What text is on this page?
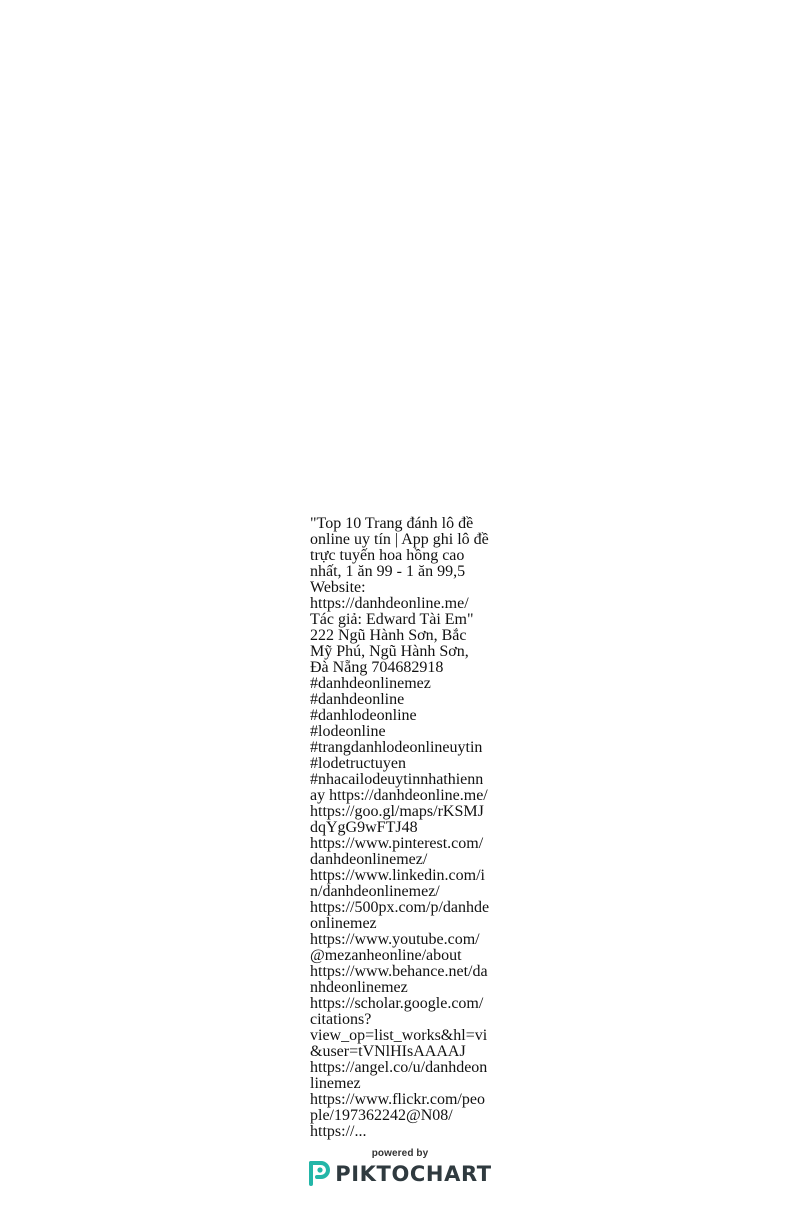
"Top 10 Trang đánh lô đề
online uy tín | App ghi lô đề
trực tuyến hoa hồng cao
nhất, 1 ăn 99 - 1 ăn 99,5
Website:
https://danhdeonline.me/
Tác giả: Edward Tài Em"
222 Ngũ Hành Sơn, Bắc
Mỹ Phú, Ngũ Hành Sơn,
Đà Nẵng 704682918
#danhdeonlinemez
#danhdeonline
#danhlodeonline
#lodeonline
#trangdanhlodeonlineuytin
#lodetructuyen
#nhacailodeuytinnhathienn
ay https://danhdeonline.me/
https://goo.gl/maps/rKSMJ
dqYgG9wFTJ48
https://www.pinterest.com/
danhdeonlinemez/
https://www.linkedin.com/i
n/danhdeonlinemez/
https://500px.com/p/danhde
onlinemez
https://www.youtube.com/
@mezanheonline/about
https://www.behance.net/da
nhdeonlinemez
https://scholar.google.com/
citations?
view_op=list_works&hl=vi
&user=tVNlHIsAAAAJ
https://angel.co/u/danhdeon
linemez
https://www.flickr.com/peo
ple/197362242@N08/
https://...
powered by
PIKTOCHART
